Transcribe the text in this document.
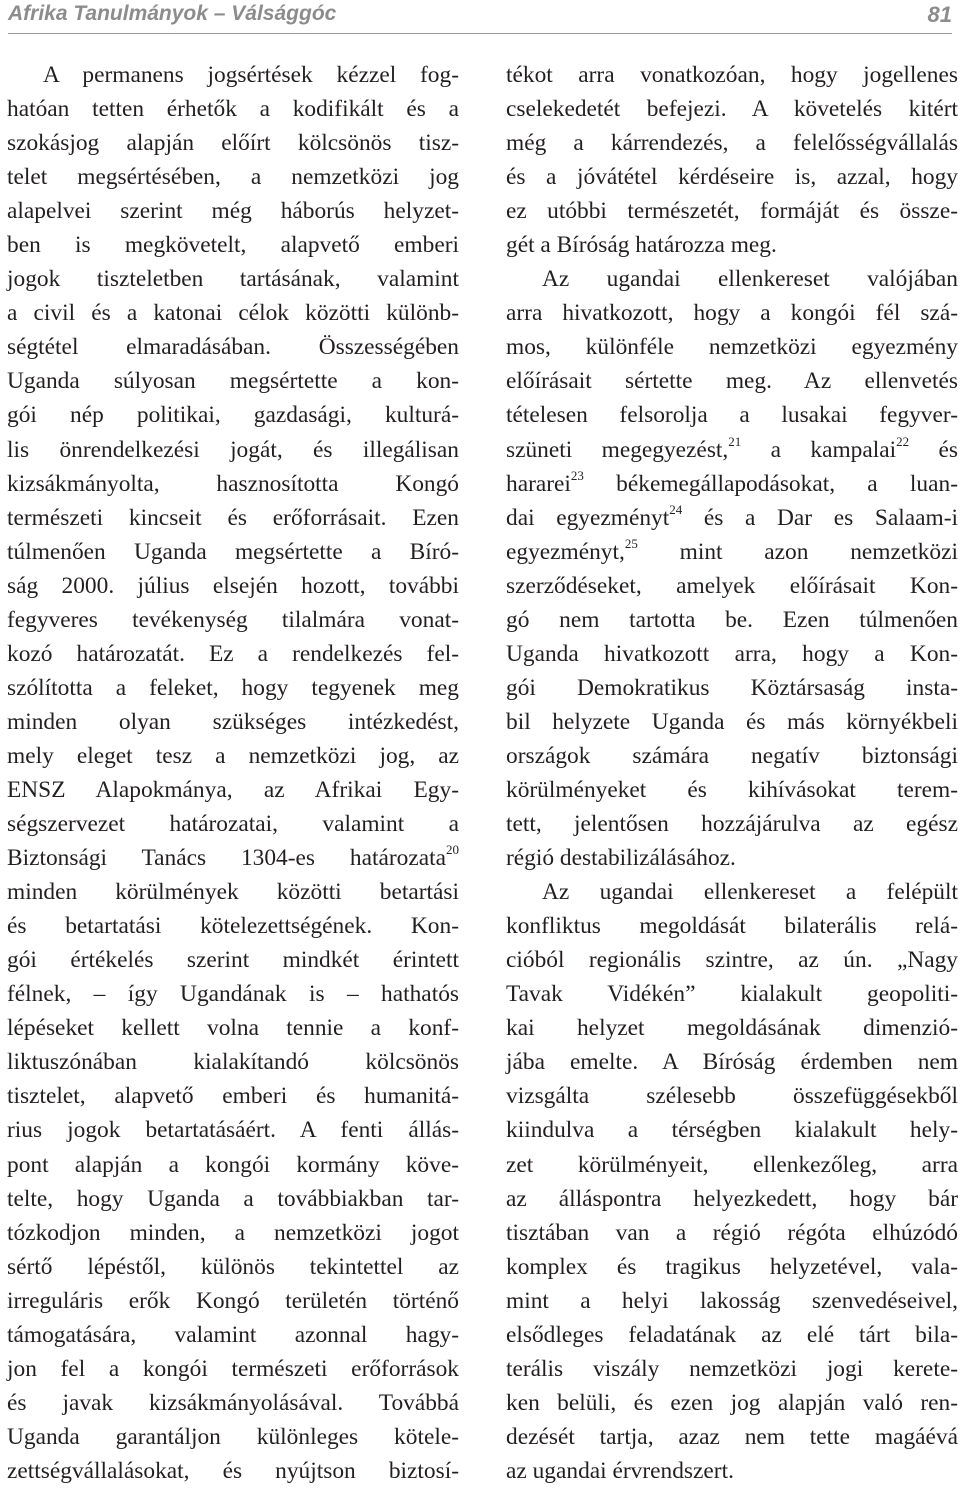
Afrika Tanulmányok – Válsággóc	81
A permanens jogsértések kézzel fog-
hatóan tetten érhetők a kodifikált és a
szokásjog alapján előírt kölcsönös tisz-
telet megsértésében, a nemzetközi jog
alapelvei szerint még háborús helyzet-
ben is megkövetelt, alapvető emberi
jogok tiszteletben tartásának, valamint
a civil és a katonai célok közötti különb-
ségtétel elmaradásában. Összességében
Uganda súlyosan megsértette a kon-
gói nép politikai, gazdasági, kulturá-
lis önrendelkezési jogát, és illegálisan
kizsákmányolta, hasznosította Kongó
természeti kincseit és erőforrásait. Ezen
túlmenően Uganda megsértette a Bíró-
ság 2000. július elsején hozott, további
fegyveres tevékenység tilalmára vonat-
kozó határozatát. Ez a rendelkezés fel-
szólította a feleket, hogy tegyenek meg
minden olyan szükséges intézkedést,
mely eleget tesz a nemzetközi jog, az
ENSZ Alapokmánya, az Afrikai Egy-
ségszervezet határozatai, valamint a
Biztonsági Tanács 1304-es határozata$^{20}$
minden körülmények közötti betartási
és betartatási kötelezettségének. Kon-
gói értékelés szerint mindkét érintett
félnek, – így Ugandának is – hathatós
lépéseket kellett volna tennie a konf-
liktuszónában kialakítandó kölcsönös
tisztelet, alapvető emberi és humanitá-
rius jogok betartatásáért. A fenti állás-
pont alapján a kongói kormány köve-
telte, hogy Uganda a továbbiakban tar-
tózkodjon minden, a nemzetközi jogot
sértő lépéstől, különös tekintettel az
irreguláris erők Kongó területén történő
támogatására, valamint azonnal hagy-
jon fel a kongói természeti erőforrások
és javak kizsákmányolásával. Továbbá
Uganda garantáljon különleges kötele-
zettségvállalásokat, és nyújtson biztosí-
tékot arra vonatkozóan, hogy jogellenes
cselekedetét befejezi. A követelés kitért
még a kárrendezés, a felelősségvállalás
és a jóvátétel kérdéseire is, azzal, hogy
ez utóbbi természetét, formáját és össze-
gét a Bíróság határozza meg.
Az ugandai ellenkereset valójában
arra hivatkozott, hogy a kongói fél szá-
mos, különféle nemzetközi egyezmény
előírásait sértette meg. Az ellenvetés
tételesen felsorolja a lusakai fegyver-
szüneti megegyezést,$^{21}$ a kampalai$^{22}$ és
hararei$^{23}$ békemegállapodásokat, a luan-
dai egyezményt$^{24}$ és a Dar es Salaam-i
egyezményt,$^{25}$ mint azon nemzetközi
szerződéseket, amelyek előírásait Kon-
gó nem tartotta be. Ezen túlmenően
Uganda hivatkozott arra, hogy a Kon-
gói Demokratikus Köztársaság insta-
bil helyzete Uganda és más környékbeli
országok számára negatív biztonsági
körülményeket és kihívásokat terem-
tett, jelentősen hozzájárulva az egész
régió destabilizálásához.
Az ugandai ellenkereset a felépült
konfliktus megoldását bilaterális relá-
cióból regionális szintre, az ún. „Nagy
Tavak Vidékén” kialakult geopoliti-
kai helyzet megoldásának dimenzió-
jába emelte. A Bíróság érdemben nem
vizsgálta szélesebb összefüggésekből
kiindulva a térségben kialakult hely-
zet körülményeit, ellenkezőleg, arra
az álláspontra helyezkedett, hogy bár
tisztában van a régió régóta elhúzódó
komplex és tragikus helyzetével, vala-
mint a helyi lakosság szenvedéseivel,
elsődleges feladatának az elé tárt bila-
terális viszály nemzetközi jogi kerete-
ken belüli, és ezen jog alapján való ren-
dezését tartja, azaz nem tette magáévá
az ugandai érvrendszert.
